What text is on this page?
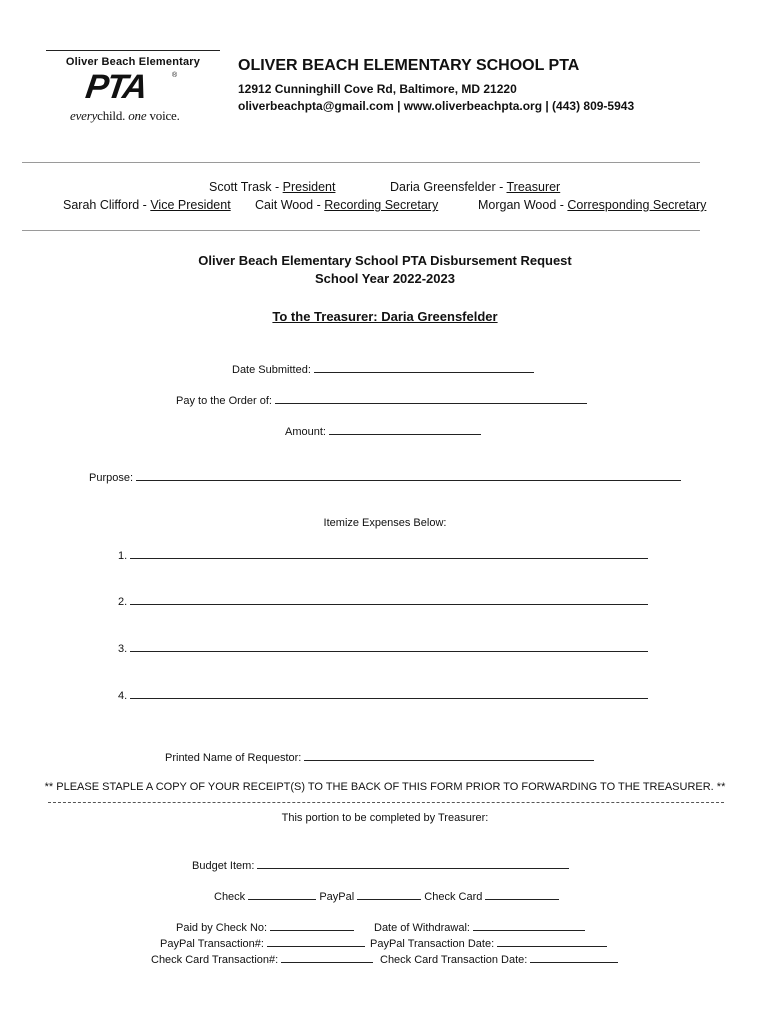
Oliver Beach Elementary
PTA	®
everychild. one voice.
OLIVER BEACH ELEMENTARY SCHOOL PTA
12912 Cunninghill Cove Rd, Baltimore, MD 21220
oliverbeachpta@gmail.com | www.oliverbeachpta.org | (443) 809-5943
Scott Trask - President	Daria Greensfelder - Treasurer
Sarah Clifford - Vice President Cait Wood - Recording Secretary	Morgan Wood - Corresponding Secretary
Oliver Beach Elementary School PTA Disbursement Request
School Year 2022-2023
To the Treasurer: Daria Greensfelder
Date Submitted:
Pay to the Order of:
Amount:
Purpose:
Itemize Expenses Below:
1.
2.
3.
4.
Printed Name of Requestor:
** PLEASE STAPLE A COPY OF YOUR RECEIPT(S) TO THE BACK OF THIS FORM PRIOR TO FORWARDING TO THE TREASURER. **
This portion to be completed by Treasurer:
Budget Item:
Check	PayPal	Check Card
Paid by Check No:	Date of Withdrawal:
PayPal Transaction#:	PayPal Transaction Date:
Check Card Transaction#:	Check Card Transaction Date:
